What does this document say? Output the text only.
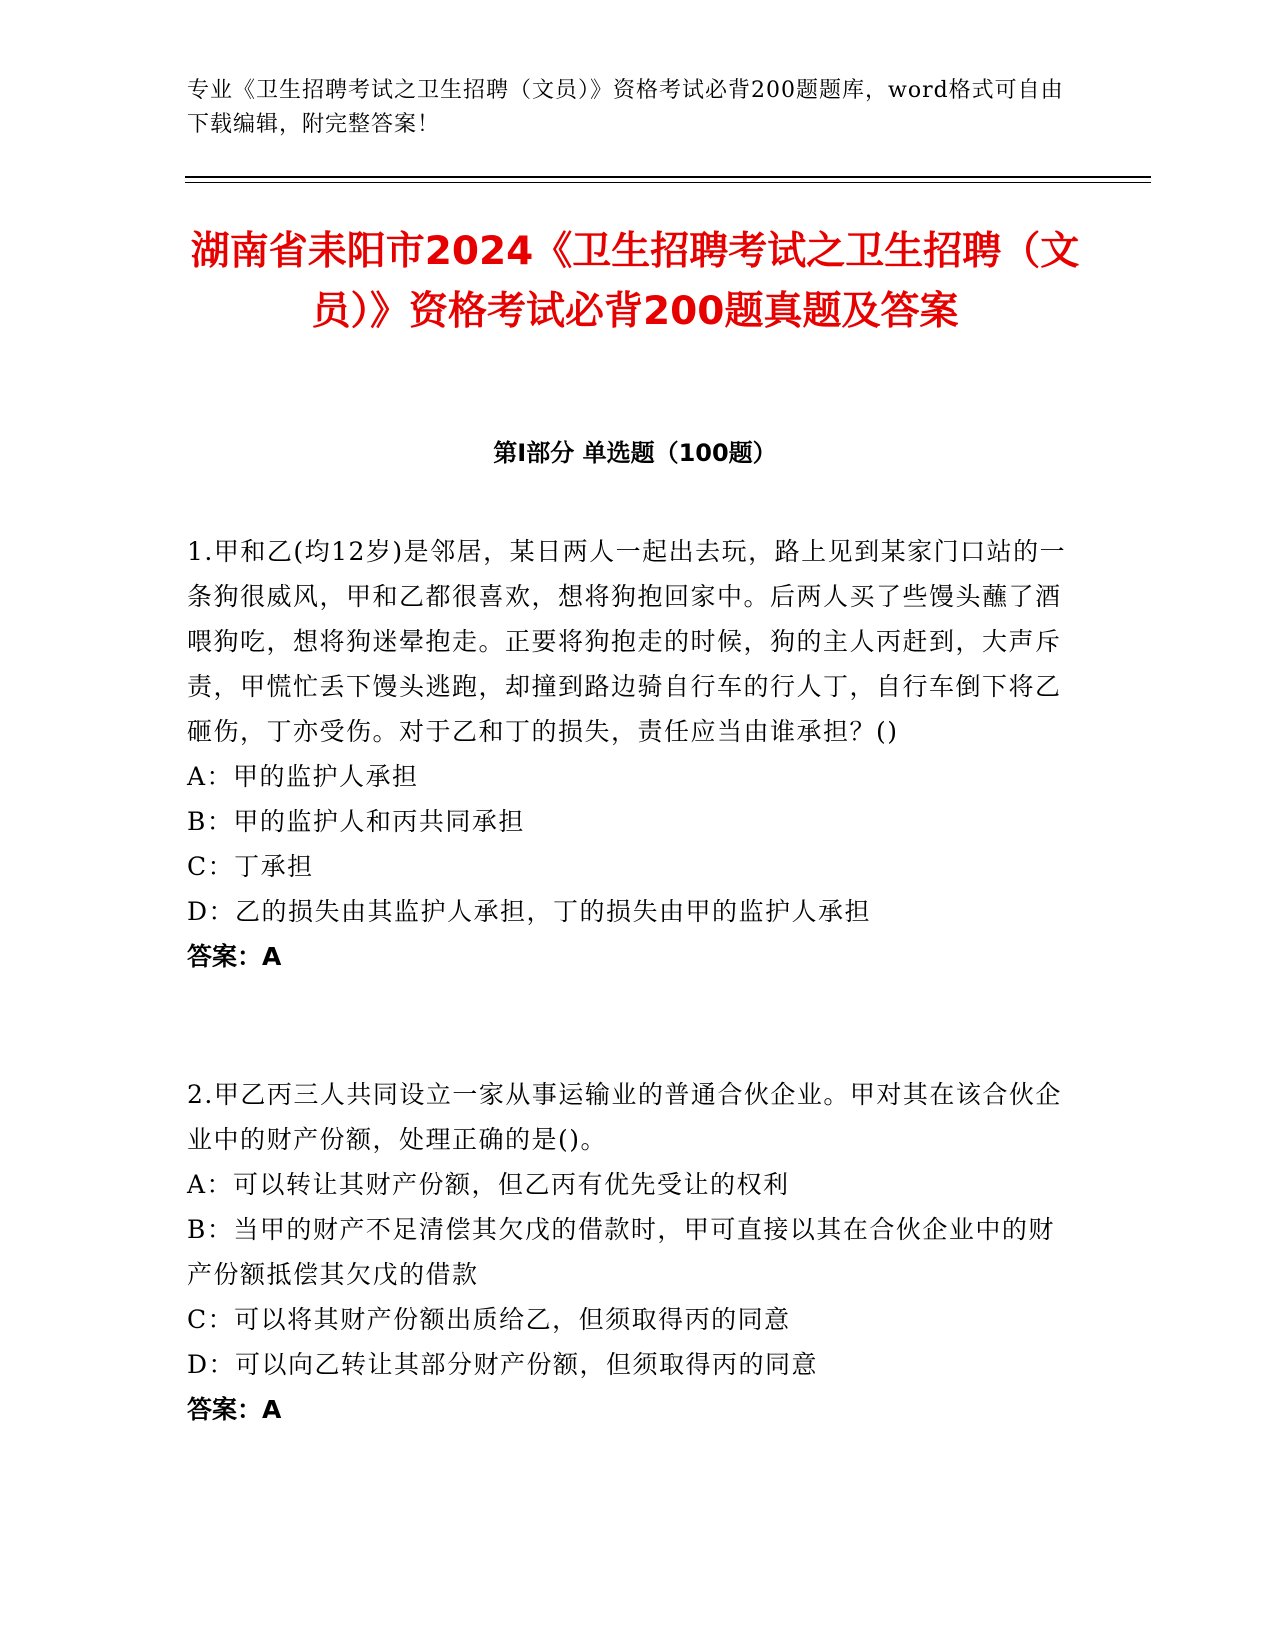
专业《卫生招聘考试之卫生招聘（文员）》资格考试必背200题题库，word格式可自由下载编辑，附完整答案！
湖南省耒阳市2024《卫生招聘考试之卫生招聘（文员）》资格考试必背200题真题及答案
第I部分 单选题（100题）

1.甲和乙(均12岁)是邻居，某日两人一起出去玩，路上见到某家门口站的一条狗很威风，甲和乙都很喜欢，想将狗抱回家中。后两人买了些馒头蘸了酒喂狗吃，想将狗迷晕抱走。正要将狗抱走的时候，狗的主人丙赶到，大声斥责，甲慌忙丢下馒头逃跑，却撞到路边骑自行车的行人丁，自行车倒下将乙砸伤，丁亦受伤。对于乙和丁的损失，责任应当由谁承担？()

A：甲的监护人承担

B：甲的监护人和丙共同承担

C：丁承担

D：乙的损失由其监护人承担，丁的损失由甲的监护人承担

答案：A

2.甲乙丙三人共同设立一家从事运输业的普通合伙企业。甲对其在该合伙企业中的财产份额，处理正确的是()。

A：可以转让其财产份额，但乙丙有优先受让的权利

B：当甲的财产不足清偿其欠戊的借款时，甲可直接以其在合伙企业中的财产份额抵偿其欠戊的借款

C：可以将其财产份额出质给乙，但须取得丙的同意

D：可以向乙转让其部分财产份额，但须取得丙的同意

答案：A
